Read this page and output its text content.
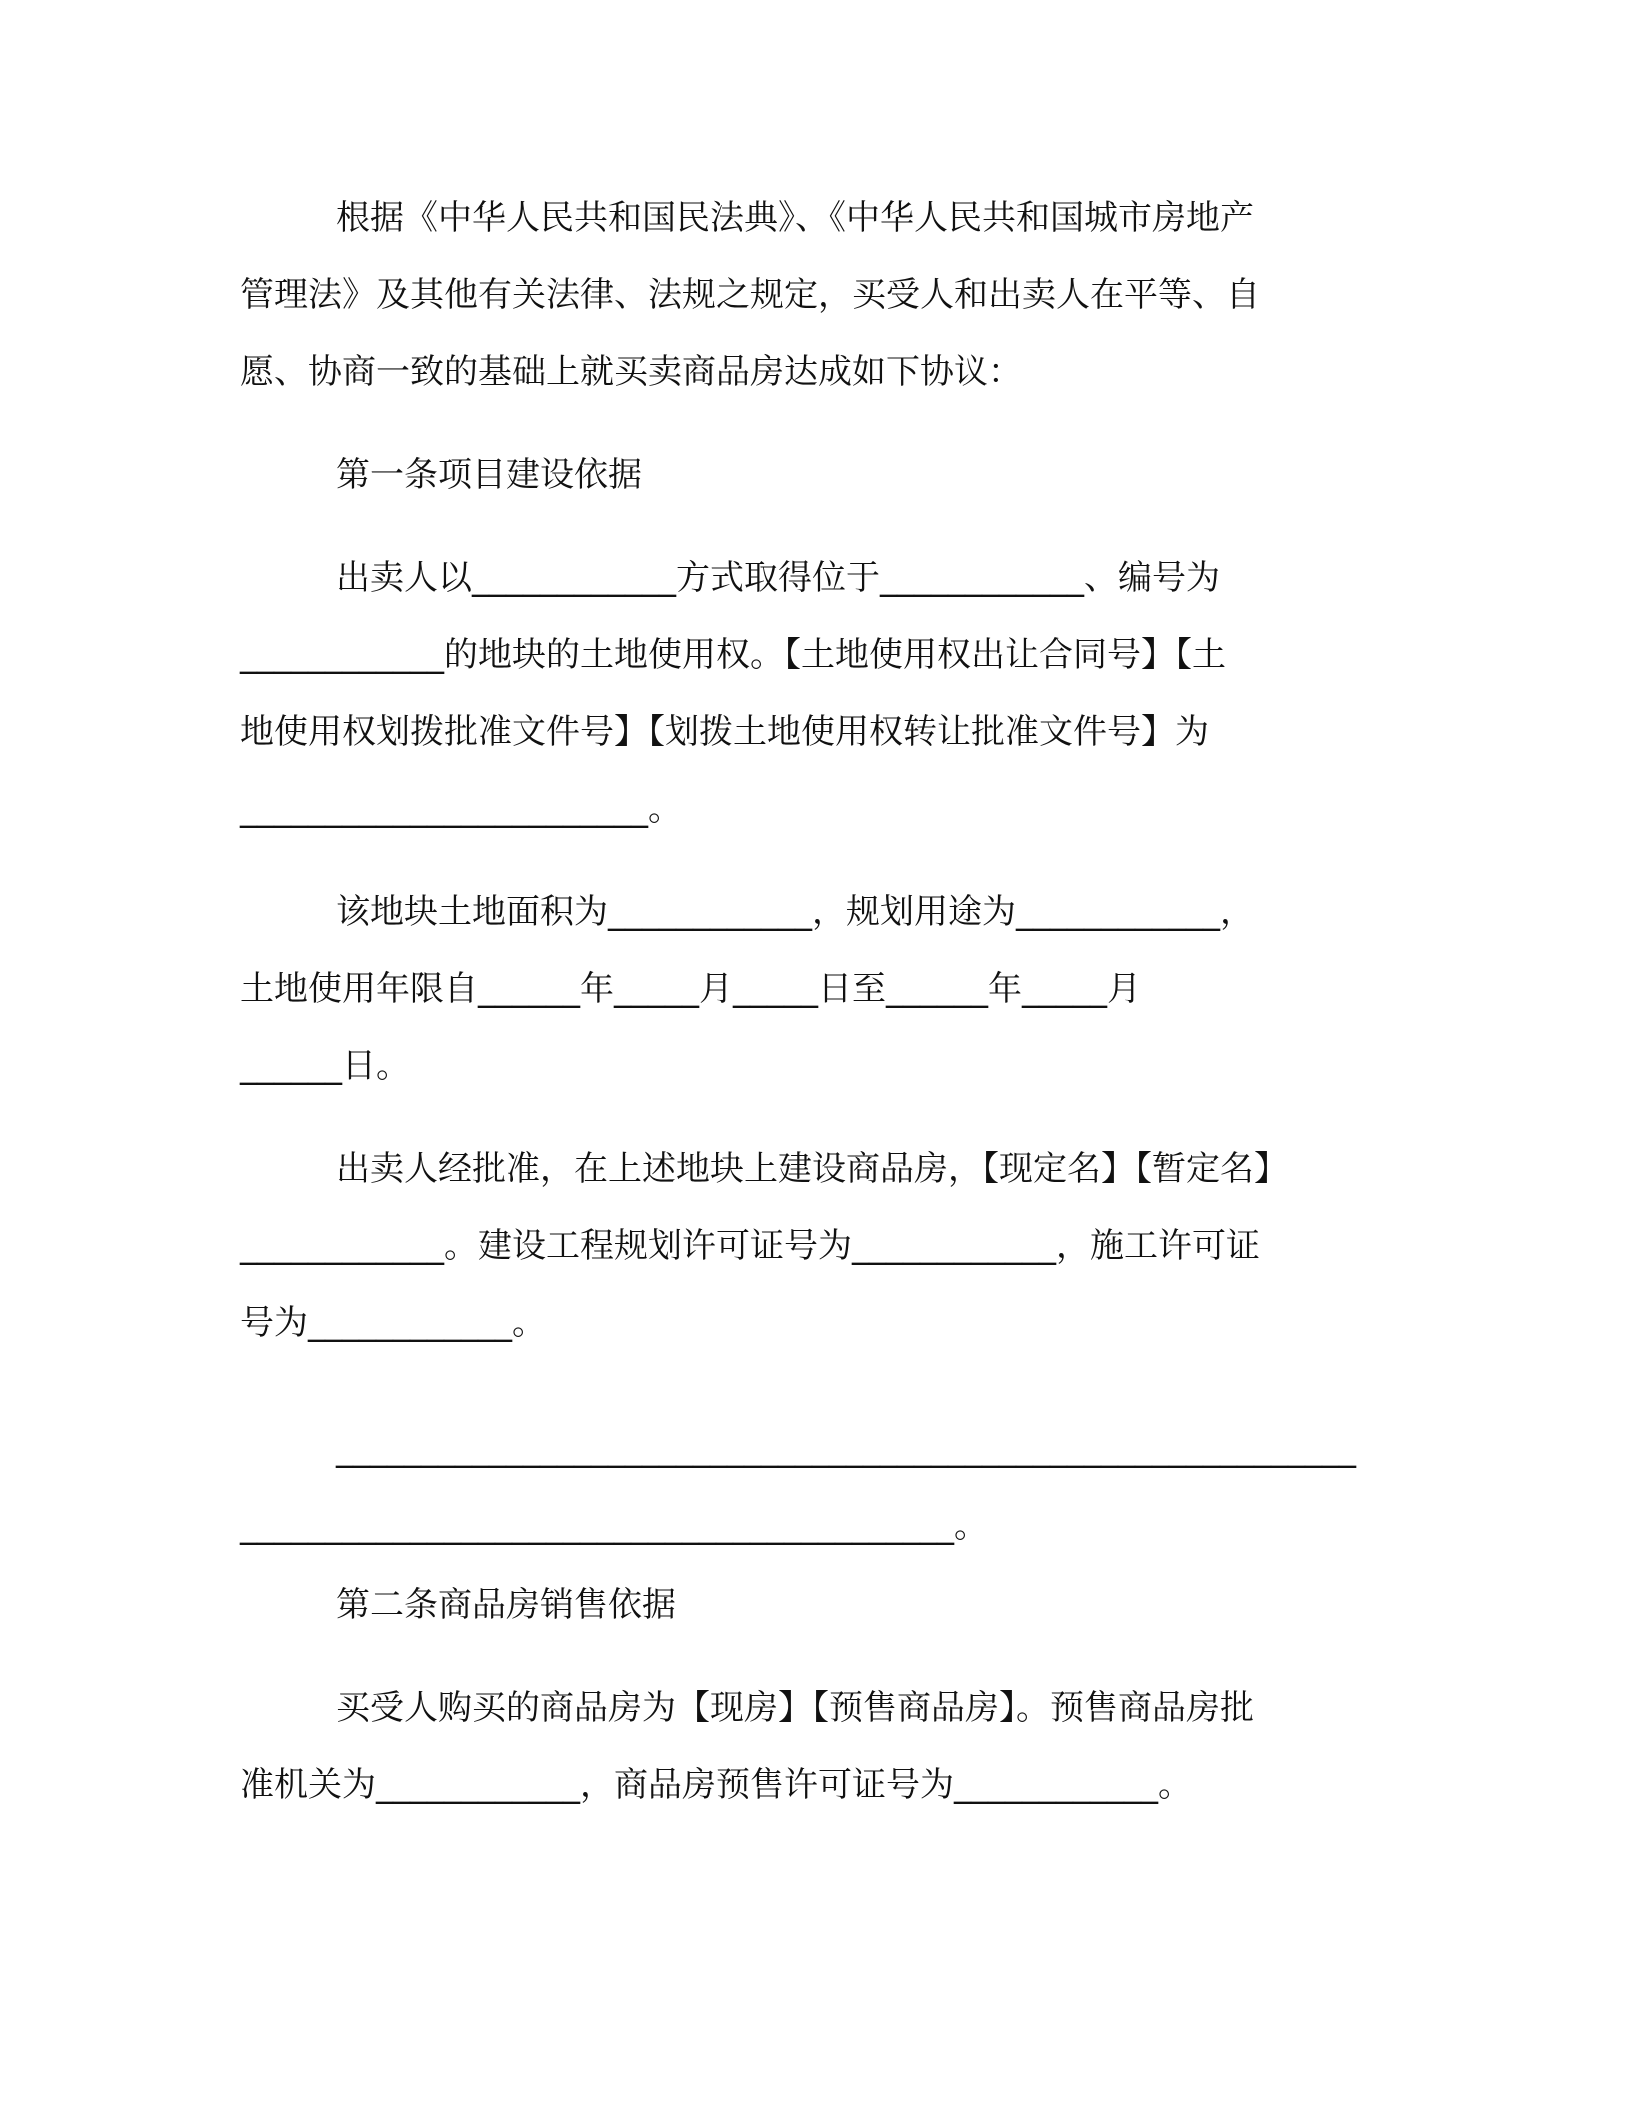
根据《中华人民共和国民法典》、《中华人民共和国城市房地产
管理法》及其他有关法律、法规之规定，买受人和出卖人在平等、自
愿、协商一致的基础上就买卖商品房达成如下协议：
第一条项目建设依据
出卖人以____________方式取得位于____________、编号为
____________的地块的土地使用权。【土地使用权出让合同号】【土
地使用权划拨批准文件号】【划拨土地使用权转让批准文件号】为
________________________。
该地块土地面积为____________，规划用途为____________，
土地使用年限自______年_____月_____日至______年_____月
______日。
出卖人经批准，在上述地块上建设商品房，【现定名】【暂定名】
____________。建设工程规划许可证号为____________，施工许可证
号为____________。
____________________________________________________________
__________________________________________。
第二条商品房销售依据
买受人购买的商品房为【现房】【预售商品房】。预售商品房批
准机关为____________，商品房预售许可证号为____________。
